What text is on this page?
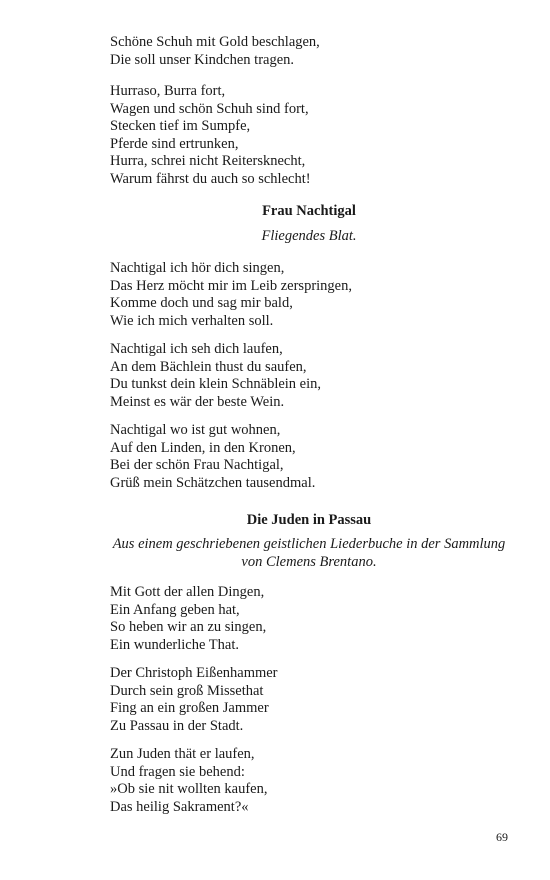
Schöne Schuh mit Gold beschlagen,
Die soll unser Kindchen tragen.
Hurraso, Burra fort,
Wagen und schön Schuh sind fort,
Stecken tief im Sumpfe,
Pferde sind ertrunken,
Hurra, schrei nicht Reitersknecht,
Warum fährst du auch so schlecht!
Frau Nachtigal
Fliegendes Blat.
Nachtigal ich hör dich singen,
Das Herz möcht mir im Leib zerspringen,
Komme doch und sag mir bald,
Wie ich mich verhalten soll.
Nachtigal ich seh dich laufen,
An dem Bächlein thust du saufen,
Du tunkst dein klein Schnäblein ein,
Meinst es wär der beste Wein.
Nachtigal wo ist gut wohnen,
Auf den Linden, in den Kronen,
Bei der schön Frau Nachtigal,
Grüß mein Schätzchen tausendmal.
Die Juden in Passau
Aus einem geschriebenen geistlichen Liederbuche in der Sammlung
von Clemens Brentano.
Mit Gott der allen Dingen,
Ein Anfang geben hat,
So heben wir an zu singen,
Ein wunderliche That.
Der Christoph Eißenhammer
Durch sein groß Missethat
Fing an ein großen Jammer
Zu Passau in der Stadt.
Zun Juden thät er laufen,
Und fragen sie behend:
»Ob sie nit wollten kaufen,
Das heilig Sakrament?«
69
